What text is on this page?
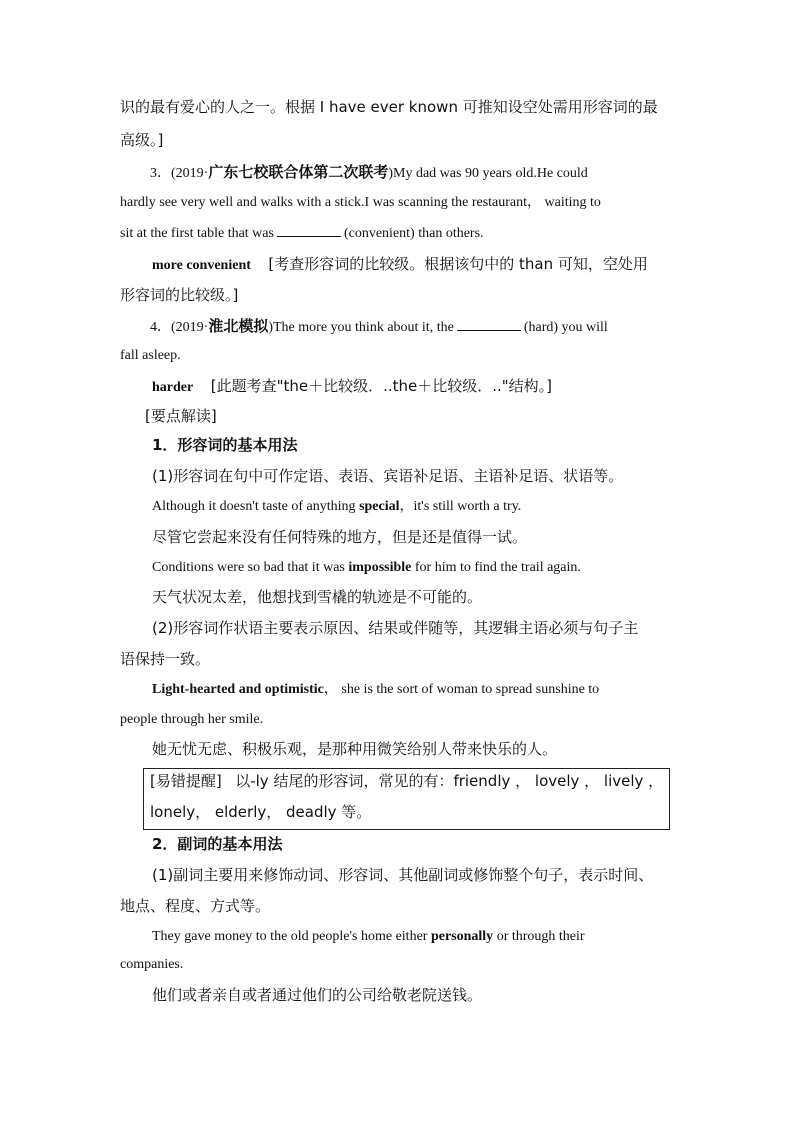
识的最有爱心的人之一。根据 I have ever known 可推知设空处需用形容词的最
高级。]
3．(2019·广东七校联合体第二次联考)My dad was 90 years old.He could
hardly see very well and walks with a stick.I was scanning the restaurant， waiting to
sit at the first table that was	(convenient) than others.
more convenient [考查形容词的比较级。根据该句中的 than 可知，空处用
形容词的比较级。]
4．(2019·淮北模拟)The more you think about it, the	(hard) you will
fall asleep.
harder [此题考查"the＋比较级．..the＋比较级．.."结构。]
[要点解读]
1．形容词的基本用法
(1)形容词在句中可作定语、表语、宾语补足语、主语补足语、状语等。
Although it doesn't taste of anything special，it's still worth a try.
尽管它尝起来没有任何特殊的地方，但是还是值得一试。
Conditions were so bad that it was impossible for him to find the trail again.
天气状况太差，他想找到雪橇的轨迹是不可能的。
(2)形容词作状语主要表示原因、结果或伴随等，其逻辑主语必须与句子主
语保持一致。
Light-hearted and optimistic， she is the sort of woman to spread sunshine to
people through her smile.
她无忧无虑、积极乐观，是那种用微笑给别人带来快乐的人。
[易错提醒] 以-ly 结尾的形容词，常见的有：friendly ， lovely ， lively ，
lonely， elderly， deadly 等。
2．副词的基本用法
(1)副词主要用来修饰动词、形容词、其他副词或修饰整个句子，表示时间、
地点、程度、方式等。
They gave money to the old people's home either personally or through their
companies.
他们或者亲自或者通过他们的公司给敬老院送钱。
